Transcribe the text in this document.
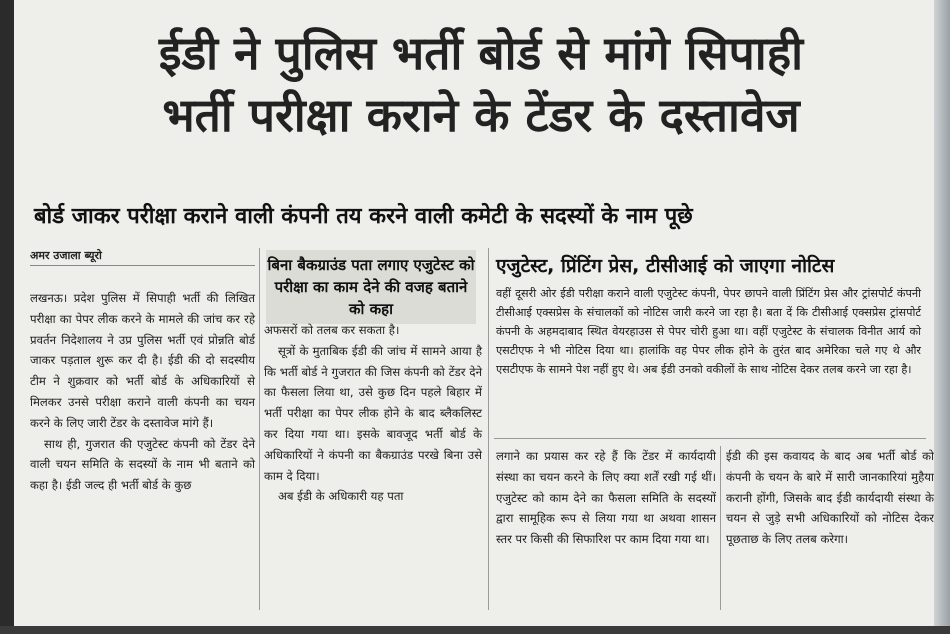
ईडी ने पुलिस भर्ती बोर्ड से मांगे सिपाही
भर्ती परीक्षा कराने के टेंडर के दस्तावेज
बोर्ड जाकर परीक्षा कराने वाली कंपनी तय करने वाली कमेटी के सदस्यों के नाम पूछे
अमर उजाला ब्यूरो
लखनऊ। प्रदेश पुलिस में सिपाही भर्ती की लिखित परीक्षा का पेपर लीक करने के मामले की जांच कर रहे प्रवर्तन निदेशालय ने उप्र पुलिस भर्ती एवं प्रोन्नति बोर्ड जाकर पड़ताल शुरू कर दी है। ईडी की दो सदस्यीय टीम ने शुक्रवार को भर्ती बोर्ड के अधिकारियों से मिलकर उनसे परीक्षा कराने वाली कंपनी का चयन करने के लिए जारी टेंडर के दस्तावेज मांगे हैं।
साथ ही, गुजरात की एजुटेस्ट कंपनी को टेंडर देने वाली चयन समिति के सदस्यों के नाम भी बताने को कहा है। ईडी जल्द ही भर्ती बोर्ड के कुछ
बिना बैकग्राउंड पता लगाए एजुटेस्ट को परीक्षा का काम देने की वजह बताने को कहा
अफसरों को तलब कर सकता है।
सूत्रों के मुताबिक ईडी की जांच में सामने आया है कि भर्ती बोर्ड ने गुजरात की जिस कंपनी को टेंडर देने का फैसला लिया था, उसे कुछ दिन पहले बिहार में भर्ती परीक्षा का पेपर लीक होने के बाद ब्लैकलिस्ट कर दिया गया था। इसके बावजूद भर्ती बोर्ड के अधिकारियों ने कंपनी का बैकग्राउंड परखे बिना उसे काम दे दिया।
अब ईडी के अधिकारी यह पता
एजुटेस्ट, प्रिंटिंग प्रेस, टीसीआई को जाएगा नोटिस
वहीं दूसरी ओर ईडी परीक्षा कराने वाली एजुटेस्ट कंपनी, पेपर छापने वाली प्रिंटिंग प्रेस और ट्रांसपोर्ट कंपनी टीसीआई एक्सप्रेस के संचालकों को नोटिस जारी करने जा रहा है। बता दें कि टीसीआई एक्सप्रेस ट्रांसपोर्ट कंपनी के अहमदाबाद स्थित वेयरहाउस से पेपर चोरी हुआ था। वहीं एजुटेस्ट के संचालक विनीत आर्य को एसटीएफ ने भी नोटिस दिया था। हालांकि वह पेपर लीक होने के तुरंत बाद अमेरिका चले गए थे और एसटीएफ के सामने पेश नहीं हुए थे। अब ईडी उनको वकीलों के साथ नोटिस देकर तलब करने जा रहा है।
लगाने का प्रयास कर रहे हैं कि टेंडर में कार्यदायी संस्था का चयन करने के लिए क्या शर्तें रखी गई थीं। एजुटेस्ट को काम देने का फैसला समिति के सदस्यों द्वारा सामूहिक रूप से लिया गया था अथवा शासन स्तर पर किसी की सिफारिश पर काम दिया गया था।
ईडी की इस कवायद के बाद अब भर्ती बोर्ड को कंपनी के चयन के बारे में सारी जानकारियां मुहैया करानी होंगी, जिसके बाद ईडी कार्यदायी संस्था के चयन से जुड़े सभी अधिकारियों को नोटिस देकर पूछताछ के लिए तलब करेगा।
